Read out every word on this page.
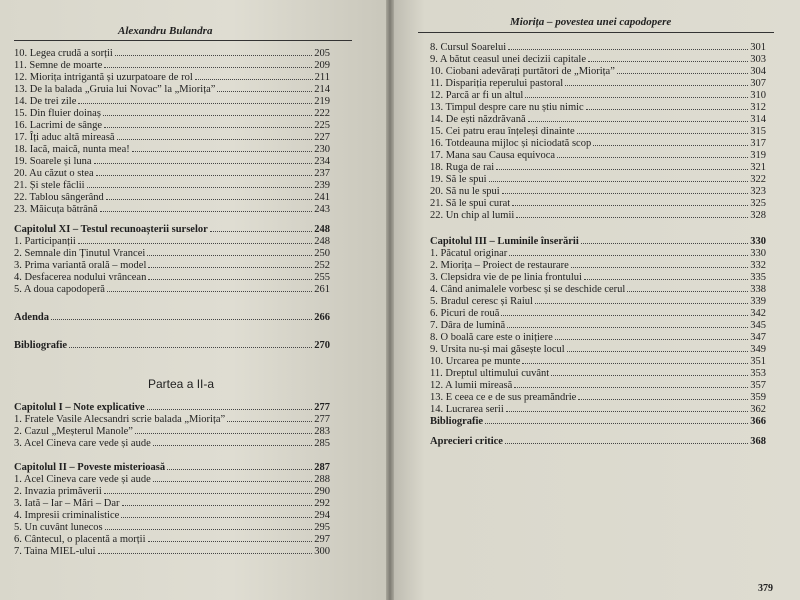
Alexandru Bulandra
Miorița – povestea unei capodopere
10. Legea crudă a sorții	205
11. Semne de moarte	209
12. Miorița intrigantă și uzurpatoare de rol	211
13. De la balada „Gruia lui Novac” la „Miorița”	214
14. De trei zile	219
15. Din fluier doinaș	222
16. Lacrimi de sânge	225
17. Îți aduc altă mireasă	227
18. Iacă, maică, nunta mea!	230
19. Soarele și luna	234
20. Au căzut o stea	237
21. Și stele făclii	239
22. Tablou sângerând	241
23. Măicuța bătrână	243
Capitolul XI – Testul recunoașterii surselor	248
1. Participanții	248
2. Semnale din Ținutul Vrancei	250
3. Prima variantă orală – model	252
4. Desfacerea nodului vrâncean	255
5. A doua capodoperă	261
Adenda	266
Bibliografie	270
Capitolul I – Note explicative	277
1. Fratele Vasile Alecsandri scrie balada „Miorița”	277
2. Cazul „Meșterul Manole”	283
3. Acel Cineva care vede și aude	285
Capitolul II – Poveste misterioasă	287
1. Acel Cineva care vede și aude	288
2. Invazia primăverii	290
3. Iată – Iar – Mări – Dar	292
4. Impresii criminalistice	294
5. Un cuvânt lunecos	295
6. Cântecul, o placentă a morții	297
7. Taina MIEL-ului	300
8. Cursul Soarelui	301
9. A bătut ceasul unei decizii capitale	303
10. Ciobani adevărați purtători de „Miorița”	304
11. Dispariția reperului pastoral	307
12. Parcă ar fi un altul	310
13. Timpul despre care nu știu nimic	312
14. De ești năzdrăvană	314
15. Cei patru erau înțeleși dinainte	315
16. Totdeauna mijloc și niciodată scop	317
17. Mana sau Causa equivoca	319
18. Ruga de rai	321
19. Să le spui	322
20. Să nu le spui	323
21. Să le spui curat	325
22. Un chip al lumii	328
Capitolul III – Luminile înserării	330
1. Păcatul originar	330
2. Miorița – Proiect de restaurare	332
3. Clepsidra vie de pe linia frontului	335
4. Când animalele vorbesc și se deschide cerul	338
5. Bradul ceresc și Raiul	339
6. Picuri de rouă	342
7. Dâra de lumină	345
8. O boală care este o inițiere	347
9. Ursita nu-și mai găsește locul	349
10. Urcarea pe munte	351
11. Dreptul ultimului cuvânt	353
12. A lumii mireasă	357
13. E ceea ce e de sus preamăndrie	359
14. Lucrarea serii	362
Bibliografie	366
Aprecieri critice	368
Partea a II-a
379
